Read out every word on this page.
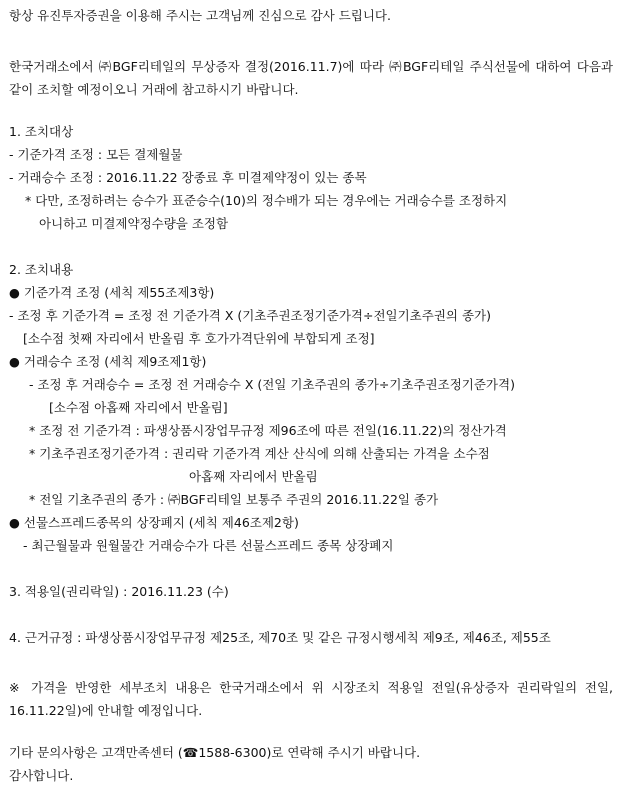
항상 유진투자증권을 이용해 주시는 고객님께 진심으로 감사 드립니다.
한국거래소에서 ㈜BGF리테일의 무상증자 결정(2016.11.7)에 따라 ㈜BGF리테일 주식선물에 대하여 다음과 같이 조치할 예정이오니 거래에 참고하시기 바랍니다.
1. 조치대상
- 기준가격 조정 : 모든 결제월물
- 거래승수 조정 : 2016.11.22 장종료 후 미결제약정이 있는 종목
* 다만, 조정하려는 승수가 표준승수(10)의 정수배가 되는 경우에는 거래승수를 조정하지
아니하고 미결제약정수량을 조정함
2. 조치내용
● 기준가격 조정 (세칙 제55조제3항)
- 조정 후 기준가격 = 조정 전 기준가격 X (기초주권조정기준가격÷전일기초주권의 종가)
[소수점 첫째 자리에서 반올림 후 호가가격단위에 부합되게 조정]
● 거래승수 조정 (세칙 제9조제1항)
- 조정 후 거래승수 = 조정 전 거래승수 X (전일 기초주권의 종가÷기초주권조정기준가격)
[소수점 아홉째 자리에서 반올림]
* 조정 전 기준가격 : 파생상품시장업무규정 제96조에 따른 전일(16.11.22)의 정산가격
* 기초주권조정기준가격 : 권리락 기준가격 계산 산식에 의해 산출되는 가격을 소수점
아홉째 자리에서 반올림
* 전일 기초주권의 종가 : ㈜BGF리테일 보통주 주권의 2016.11.22일 종가
● 선물스프레드종목의 상장폐지 (세칙 제46조제2항)
- 최근월물과 원월물간 거래승수가 다른 선물스프레드 종목 상장폐지
3. 적용일(권리락일) : 2016.11.23 (수)
4. 근거규정 : 파생상품시장업무규정 제25조, 제70조 및 같은 규정시행세칙 제9조, 제46조, 제55조
※ 가격을 반영한 세부조치 내용은 한국거래소에서 위 시장조치 적용일 전일(유상증자 권리락일의 전일, 16.11.22일)에 안내할 예정입니다.
기타 문의사항은 고객만족센터 (☎1588-6300)로 연락해 주시기 바랍니다.
감사합니다.
